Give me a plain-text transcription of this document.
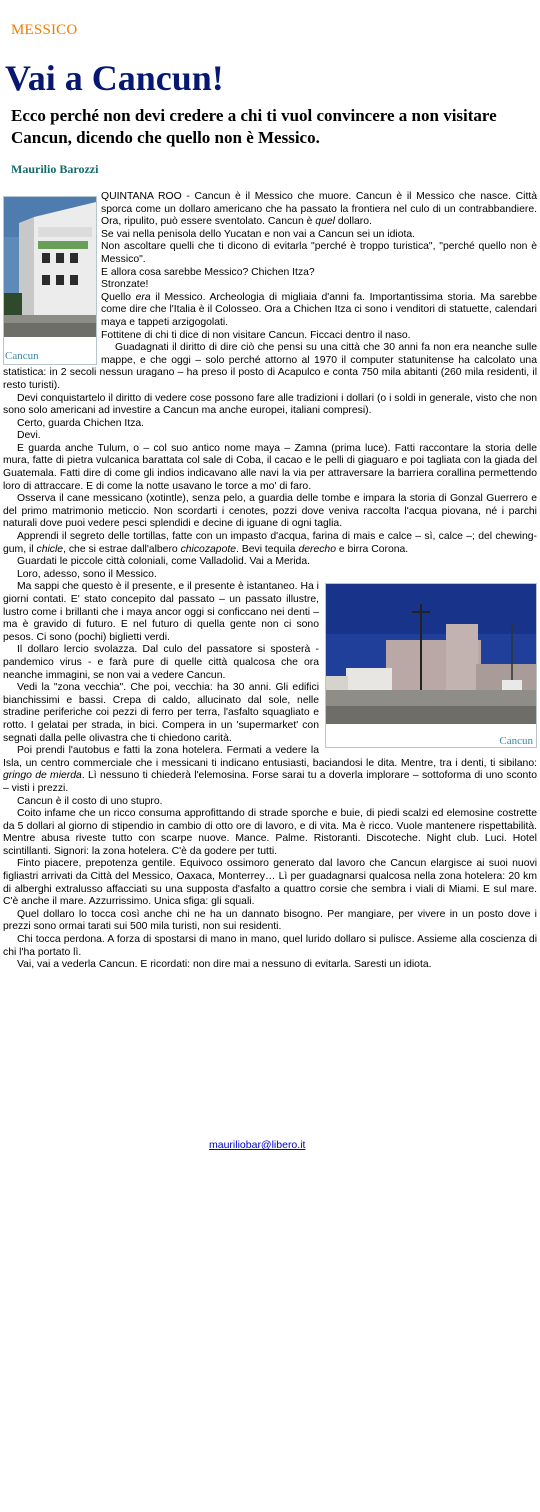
MESSICO
Vai a Cancun!
Ecco perché non devi credere a chi ti vuol convincere a non visitare Cancun, dicendo che quello non è Messico.
Maurilio Barozzi
Cancun

QUINTANA ROO - Cancun è il Messico che muore. Cancun è il Messico che nasce. Città sporca come un dollaro americano che ha passato la frontiera nel culo di un contrabbandiere. Ora, ripulito, può essere sventolato. Cancun è quel dollaro.

Se vai nella penisola dello Yucatan e non vai a Cancun sei un idiota.

Non ascoltare quelli che ti dicono di evitarla "perché è troppo turistica", "perché quello non è Messico".

E allora cosa sarebbe Messico? Chichen Itza?

Stronzate!

Quello era il Messico. Archeologia di migliaia d'anni fa. Importantissima storia. Ma sarebbe come dire che l'Italia è il Colosseo. Ora a Chichen Itza ci sono i venditori di statuette, calendari maya e tappeti arzigogolati.

Fottitene di chi ti dice di non visitare Cancun. Ficcaci dentro il naso.

Guadagnati il diritto di dire ciò che pensi su una città che 30 anni fa non era neanche sulle mappe, e che oggi – solo perché attorno al 1970 il computer statunitense ha calcolato una statistica: in 2 secoli nessun uragano – ha preso il posto di Acapulco e conta 750 mila abitanti (260 mila residenti, il resto turisti).

Devi conquistartelo il diritto di vedere cose possono fare alle tradizioni i dollari (o i soldi in generale, visto che non sono solo americani ad investire a Cancun ma anche europei, italiani compresi).

Certo, guarda Chichen Itza.

Devi.

E guarda anche Tulum, o – col suo antico nome maya – Zamna (prima luce). Fatti raccontare la storia delle mura, fatte di pietra vulcanica barattata col sale di Coba, il cacao e le pelli di giaguaro e poi tagliata con la giada del Guatemala. Fatti dire di come gli indios indicavano alle navi la via per attraversare la barriera corallina permettendo loro di attraccare. E di come la notte usavano le torce a mo' di faro.

Osserva il cane messicano (xotintle), senza pelo, a guardia delle tombe e impara la storia di Gonzal Guerrero e del primo matrimonio meticcio. Non scordarti i cenotes, pozzi dove veniva raccolta l'acqua piovana, né i parchi naturali dove puoi vedere pesci splendidi e decine di iguane di ogni taglia.

Apprendi il segreto delle tortillas, fatte con un impasto d'acqua, farina di mais e calce – sì, calce –; del chewing-gum, il chicle, che si estrae dall'albero chicozapote. Bevi tequila derecho e birra Corona.

Guardati le piccole città coloniali, come Valladolid. Vai a Merida.

Loro, adesso, sono il Messico.

Cancun

Ma sappi che questo è il presente, e il presente è istantaneo. Ha i giorni contati. E' stato concepito dal passato – un passato illustre, lustro come i brillanti che i maya ancor oggi si conficcano nei denti – ma è gravido di futuro. E nel futuro di quella gente non ci sono pesos. Ci sono (pochi) biglietti verdi.

Il dollaro lercio svolazza. Dal culo del passatore si sposterà - pandemico virus - e farà pure di quelle città qualcosa che ora neanche immagini, se non vai a vedere Cancun.

Vedi la "zona vecchia". Che poi, vecchia: ha 30 anni. Gli edifici bianchissimi e bassi. Crepa di caldo, allucinato dal sole, nelle stradine periferiche coi pezzi di ferro per terra, l'asfalto squagliato e rotto. I gelatai per strada, in bici. Compera in un 'supermarket' con segnati dalla pelle olivastra che ti chiedono carità.

Poi prendi l'autobus e fatti la zona hotelera. Fermati a vedere la Isla, un centro commerciale che i messicani ti indicano entusiasti, baciandosi le dita. Mentre, tra i denti, ti sibilano: gringo de mierda. Lì nessuno ti chiederà l'elemosina. Forse sarai tu a doverla implorare – sottoforma di uno sconto – visti i prezzi.

Cancun è il costo di uno stupro.

Coito infame che un ricco consuma approfittando di strade sporche e buie, di piedi scalzi ed elemosine costrette da 5 dollari al giorno di stipendio in cambio di otto ore di lavoro, e di vita. Ma è ricco. Vuole mantenere rispettabilità. Mentre abusa riveste tutto con scarpe nuove. Mance. Palme. Ristoranti. Discoteche. Night club. Luci. Hotel scintillanti. Signori: la zona hotelera. C'è da godere per tutti.

Finto piacere, prepotenza gentile. Equivoco ossimoro generato dal lavoro che Cancun elargisce ai suoi nuovi figliastri arrivati da Città del Messico, Oaxaca, Monterrey… Lì per guadagnarsi qualcosa nella zona hotelera: 20 km di alberghi extralusso affacciati su una supposta d'asfalto a quattro corsie che sembra i viali di Miami. E sul mare. C'è anche il mare. Azzurrissimo. Unica sfiga: gli squali.

Quel dollaro lo tocca così anche chi ne ha un dannato bisogno. Per mangiare, per vivere in un posto dove i prezzi sono ormai tarati sui 500 mila turisti, non sui residenti.

Chi tocca perdona. A forza di spostarsi di mano in mano, quel lurido dollaro si pulisce. Assieme alla coscienza di chi l'ha portato lì.

Vai, vai a vederla Cancun. E ricordati: non dire mai a nessuno di evitarla. Saresti un idiota.

mauriliobar@libero.it
